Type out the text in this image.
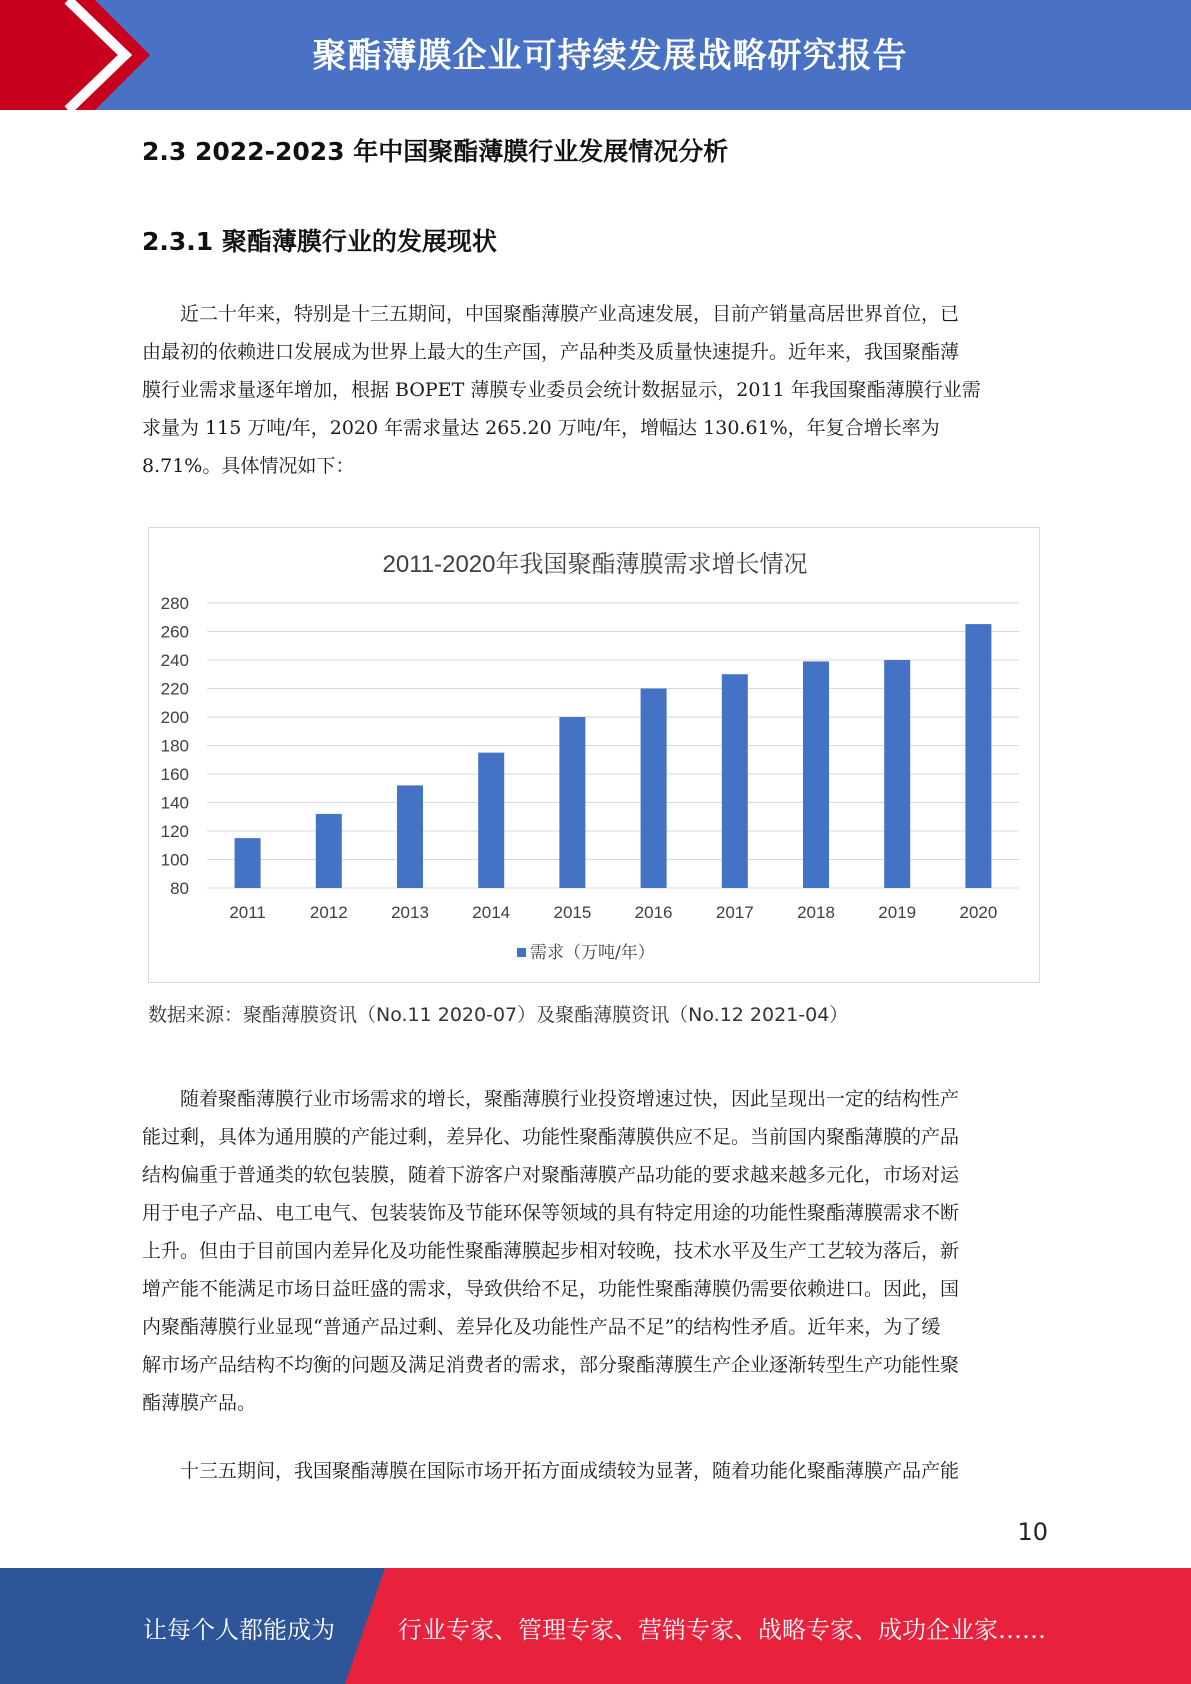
聚酯薄膜企业可持续发展战略研究报告
2.3 2022-2023 年中国聚酯薄膜行业发展情况分析
2.3.1 聚酯薄膜行业的发展现状
　　近二十年来，特别是十三五期间，中国聚酯薄膜产业高速发展，目前产销量高居世界首位，已
由最初的依赖进口发展成为世界上最大的生产国，产品种类及质量快速提升。近年来，我国聚酯薄
膜行业需求量逐年增加，根据 BOPET 薄膜专业委员会统计数据显示，2011 年我国聚酯薄膜行业需
求量为 115 万吨/年，2020 年需求量达 265.20 万吨/年，增幅达 130.61%，年复合增长率为
8.71%。具体情况如下：
2011-2020年我国聚酯薄膜需求增长情况
80
100
120
140
160
180
200
220
240
260
280
2011	2012	2013	2014	2015	2016	2017	2018	2019	2020
需求（万吨/年）
数据来源：聚酯薄膜资讯（No.11 2020-07）及聚酯薄膜资讯（No.12 2021-04）
　　随着聚酯薄膜行业市场需求的增长，聚酯薄膜行业投资增速过快，因此呈现出一定的结构性产
能过剩，具体为通用膜的产能过剩，差异化、功能性聚酯薄膜供应不足。当前国内聚酯薄膜的产品
结构偏重于普通类的软包装膜，随着下游客户对聚酯薄膜产品功能的要求越来越多元化，市场对运
用于电子产品、电工电气、包装装饰及节能环保等领域的具有特定用途的功能性聚酯薄膜需求不断
上升。但由于目前国内差异化及功能性聚酯薄膜起步相对较晚，技术水平及生产工艺较为落后，新
增产能不能满足市场日益旺盛的需求，导致供给不足，功能性聚酯薄膜仍需要依赖进口。因此，国
内聚酯薄膜行业显现“普通产品过剩、差异化及功能性产品不足”的结构性矛盾。近年来，为了缓
解市场产品结构不均衡的问题及满足消费者的需求，部分聚酯薄膜生产企业逐渐转型生产功能性聚
酯薄膜产品。
　　十三五期间，我国聚酯薄膜在国际市场开拓方面成绩较为显著，随着功能化聚酯薄膜产品产能
10
让每个人都能成为	行业专家、管理专家、营销专家、战略专家、成功企业家……
